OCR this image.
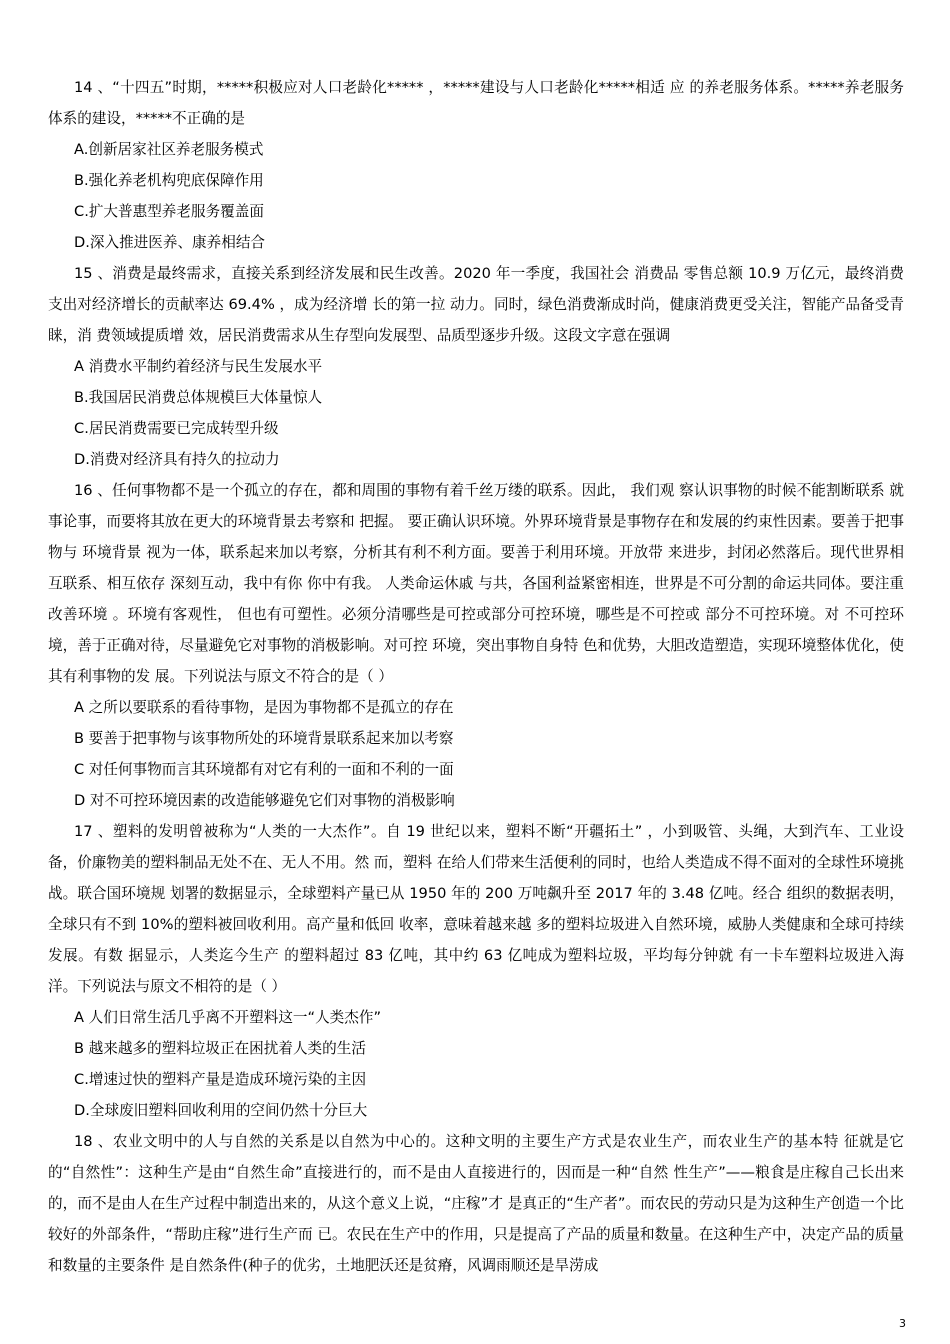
14 、“十四五”时期，*****积极应对人口老龄化***** ，*****建设与人口老龄化*****相适 应 的养老服务体系。*****养老服务体系的建设，*****不正确的是

A.创新居家社区养老服务模式

B.强化养老机构兜底保障作用

C.扩大普惠型养老服务覆盖面

D.深入推进医养、康养相结合

15 、消费是最终需求，直接关系到经济发展和民生改善。2020 年一季度，我国社会 消费品 零售总额 10.9 万亿元，最终消费支出对经济增长的贡献率达 69.4% ，成为经济增 长的第一拉 动力。同时，绿色消费渐成时尚，健康消费更受关注，智能产品备受青睐，消 费领域提质增 效，居民消费需求从生存型向发展型、品质型逐步升级。这段文字意在强调

A 消费水平制约着经济与民生发展水平

B.我国居民消费总体规模巨大体量惊人

C.居民消费需要已完成转型升级

D.消费对经济具有持久的拉动力

16 、任何事物都不是一个孤立的存在，都和周围的事物有着千丝万缕的联系。因此， 我们观 察认识事物的时候不能割断联系 就事论事，而要将其放在更大的环境背景去考察和 把握。 要正确认识环境。外界环境背景是事物存在和发展的约束性因素。要善于把事物与 环境背景 视为一体，联系起来加以考察，分析其有利不利方面。要善于利用环境。开放带 来进步，封闭必然落后。现代世界相互联系、相互依存 深刻互动，我中有你 你中有我。 人类命运休戚 与共，各国利益紧密相连，世界是不可分割的命运共同体。要注重改善环境 。环境有客观性， 但也有可塑性。必须分清哪些是可控或部分可控环境，哪些是不可控或 部分不可控环境。对 不可控环境，善于正确对待，尽量避免它对事物的消极影响。对可控 环境，突出事物自身特 色和优势，大胆改造塑造，实现环境整体优化，使其有利事物的发 展。下列说法与原文不符合的是（ ）

A 之所以要联系的看待事物，是因为事物都不是孤立的存在

B 要善于把事物与该事物所处的环境背景联系起来加以考察

C 对任何事物而言其环境都有对它有利的一面和不利的一面

D 对不可控环境因素的改造能够避免它们对事物的消极影响

17 、塑料的发明曾被称为“人类的一大杰作”。自 19 世纪以来，塑料不断“开疆拓土” ，小到吸管、头绳，大到汽车、工业设备，价廉物美的塑料制品无处不在、无人不用。然 而，塑料 在给人们带来生活便利的同时，也给人类造成不得不面对的全球性环境挑战。联合国环境规 划署的数据显示，全球塑料产量已从 1950 年的 200 万吨飙升至 2017 年的 3.48 亿吨。经合 组织的数据表明，全球只有不到 10%的塑料被回收利用。高产量和低回 收率，意味着越来越 多的塑料垃圾进入自然环境，威胁人类健康和全球可持续发展。有数 据显示，人类迄今生产 的塑料超过 83 亿吨，其中约 63 亿吨成为塑料垃圾，平均每分钟就 有一卡车塑料垃圾进入海 洋。下列说法与原文不相符的是（ ）

A 人们日常生活几乎离不开塑料这一“人类杰作”

B 越来越多的塑料垃圾正在困扰着人类的生活

C.增速过快的塑料产量是造成环境污染的主因

D.全球废旧塑料回收利用的空间仍然十分巨大

18 、农业文明中的人与自然的关系是以自然为中心的。这种文明的主要生产方式是农业生产，而农业生产的基本特 征就是它的“自然性”：这种生产是由“自然生命”直接进行的，而不是由人直接进行的，因而是一种“自然 性生产”——粮食是庄稼自己长出来的，而不是由人在生产过程中制造出来的，从这个意义上说，“庄稼”才 是真正的“生产者”。而农民的劳动只是为这种生产创造一个比较好的外部条件，“帮助庄稼”进行生产而 已。农民在生产中的作用，只是提高了产品的质量和数量。在这种生产中，决定产品的质量和数量的主要条件 是自然条件(种子的优劣，土地肥沃还是贫瘠，风调雨顺还是旱涝成

3
